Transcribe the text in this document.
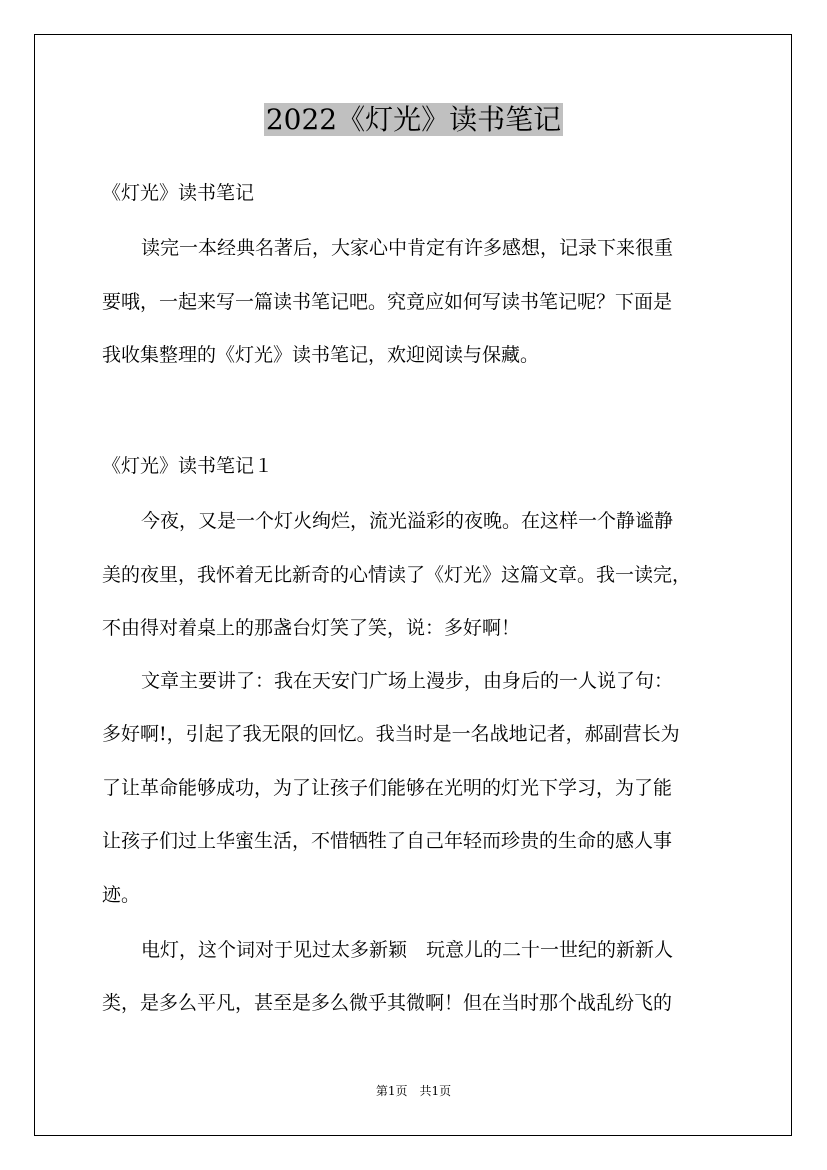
2022《灯光》读书笔记

《灯光》读书笔记

读完一本经典名著后，大家心中肯定有许多感想，记录下来很重

要哦，一起来写一篇读书笔记吧。究竟应如何写读书笔记呢？下面是

我收集整理的《灯光》读书笔记，欢迎阅读与保藏。

《灯光》读书笔记１

今夜，又是一个灯火绚烂，流光溢彩的夜晚。在这样一个静谧静

美的夜里，我怀着无比新奇的心情读了《灯光》这篇文章。我一读完，

不由得对着桌上的那盏台灯笑了笑，说：多好啊！

文章主要讲了：我在天安门广场上漫步，由身后的一人说了句：

多好啊!，引起了我无限的回忆。我当时是一名战地记者，郝副营长为

了让革命能够成功，为了让孩子们能够在光明的灯光下学习，为了能

让孩子们过上华蜜生活，不惜牺牲了自己年轻而珍贵的生命的感人事

迹。

电灯，这个词对于见过太多新颖　玩意儿的二十一世纪的新新人

类，是多么平凡，甚至是多么微乎其微啊！但在当时那个战乱纷飞的

第1页　共1页
